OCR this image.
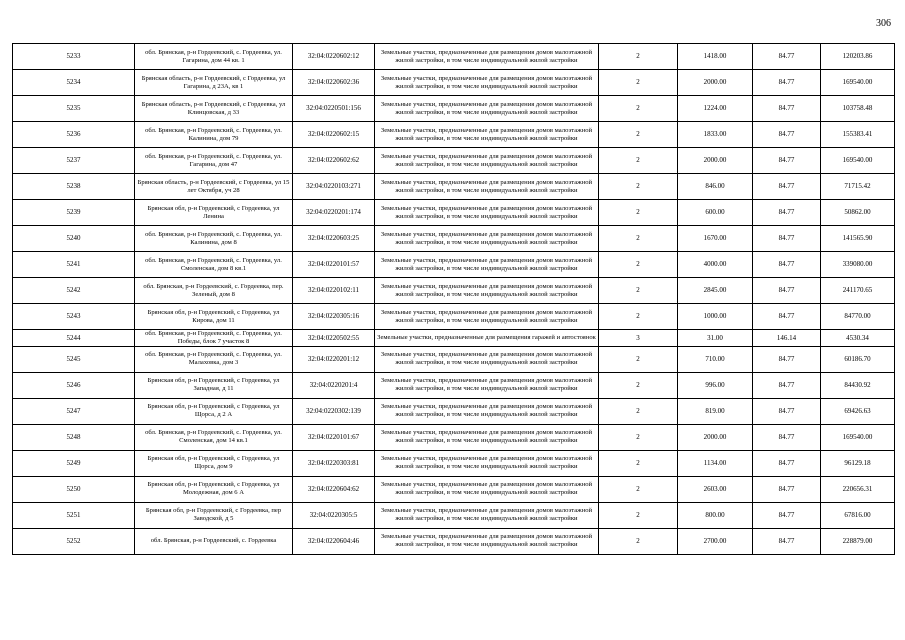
306
5233	обл. Брянская, р-н Гордеевский, с. Гордеевка, ул. Гагарина, дом 44 кв. 1	32:04:0220602:12	Земельные участки, предназначенные для размещения домов малоэтажной жилой застройки, в том числе индивидуальной жилой застройки	2	1418.00	84.77	120203.86
5234	Брянская область, р-н Гордеевский, с Гордеевка, ул Гагарина, д 23А, кв 1	32:04:0220602:36	Земельные участки, предназначенные для размещения домов малоэтажной жилой застройки, в том числе индивидуальной жилой застройки	2	2000.00	84.77	169540.00
5235	Брянская область, р-н Гордеевский, с Гордеевка, ул Клинцовская, д 33	32:04:0220501:156	Земельные участки, предназначенные для размещения домов малоэтажной жилой застройки, в том числе индивидуальной жилой застройки	2	1224.00	84.77	103758.48
5236	обл. Брянская, р-н Гордеевский, с. Гордеевка, ул. Калинина, дом 79	32:04:0220602:15	Земельные участки, предназначенные для размещения домов малоэтажной жилой застройки, в том числе индивидуальной жилой застройки	2	1833.00	84.77	155383.41
5237	обл. Брянская, р-н Гордеевский, с. Гордеевка, ул. Гагарина, дом 47	32:04:0220602:62	Земельные участки, предназначенные для размещения домов малоэтажной жилой застройки, в том числе индивидуальной жилой застройки	2	2000.00	84.77	169540.00
5238	Брянская область, р-н Гордеевский, с Гордеевка, ул 15 лет Октября, уч 28	32:04:0220103:271	Земельные участки, предназначенные для размещения домов малоэтажной жилой застройки, в том числе индивидуальной жилой застройки	2	846.00	84.77	71715.42
5239	Брянская обл, р-н Гордеевский, с Гордеевка, ул Ленина	32:04:0220201:174	Земельные участки, предназначенные для размещения домов малоэтажной жилой застройки, в том числе индивидуальной жилой застройки	2	600.00	84.77	50862.00
5240	обл. Брянская, р-н Гордеевский, с. Гордеевка, ул. Калинина, дом 8	32:04:0220603:25	Земельные участки, предназначенные для размещения домов малоэтажной жилой застройки, в том числе индивидуальной жилой застройки	2	1670.00	84.77	141565.90
5241	обл. Брянская, р-н Гордеевский, с. Гордеевка, ул. Смоленская, дом 8 кв.1	32:04:0220101:57	Земельные участки, предназначенные для размещения домов малоэтажной жилой застройки, в том числе индивидуальной жилой застройки	2	4000.00	84.77	339080.00
5242	обл. Брянская, р-н Гордеевский, с. Гордеевка, пер. Зеленый, дом 8	32:04:0220102:11	Земельные участки, предназначенные для размещения домов малоэтажной жилой застройки, в том числе индивидуальной жилой застройки	2	2845.00	84.77	241170.65
5243	Брянская обл, р-н Гордеевский, с Гордеевка, ул Кирова, дом 11	32:04:0220305:16	Земельные участки, предназначенные для размещения домов малоэтажной жилой застройки, в том числе индивидуальной жилой застройки	2	1000.00	84.77	84770.00
5244	обл. Брянская, р-н Гордеевский, с. Гордеевка, ул. Победы, блок 7 участок 8	32:04:0220502:55	Земельные участки, предназначенные для размещения гаражей и автостоянок	3	31.00	146.14	4530.34
5245	обл. Брянская, р-н Гордеевский, с. Гордеевка, ул. Малаховка, дом 3	32:04:0220201:12	Земельные участки, предназначенные для размещения домов малоэтажной жилой застройки, в том числе индивидуальной жилой застройки	2	710.00	84.77	60186.70
5246	Брянская обл, р-н Гордеевский, с Гордеевка, ул Западная, д 11	32:04:0220201:4	Земельные участки, предназначенные для размещения домов малоэтажной жилой застройки, в том числе индивидуальной жилой застройки	2	996.00	84.77	84430.92
5247	Брянская обл, р-н Гордеевский, с Гордеевка, ул Щорса, д 2 А	32:04:0220302:139	Земельные участки, предназначенные для размещения домов малоэтажной жилой застройки, в том числе индивидуальной жилой застройки	2	819.00	84.77	69426.63
5248	обл. Брянская, р-н Гордеевский, с. Гордеевка, ул. Смоленская, дом 14 кв.1	32:04:0220101:67	Земельные участки, предназначенные для размещения домов малоэтажной жилой застройки, в том числе индивидуальной жилой застройки	2	2000.00	84.77	169540.00
5249	Брянская обл, р-н Гордеевский, с Гордеевка, ул Щорса, дом 9	32:04:0220303:81	Земельные участки, предназначенные для размещения домов малоэтажной жилой застройки, в том числе индивидуальной жилой застройки	2	1134.00	84.77	96129.18
5250	Брянская обл, р-н Гордеевский, с Гордеевка, ул Молодежная, дом 6 А	32:04:0220604:62	Земельные участки, предназначенные для размещения домов малоэтажной жилой застройки, в том числе индивидуальной жилой застройки	2	2603.00	84.77	220656.31
5251	Брянская обл, р-н Гордеевский, с Гордеевка, пер Заводской, д 5	32:04:0220305:5	Земельные участки, предназначенные для размещения домов малоэтажной жилой застройки, в том числе индивидуальной жилой застройки	2	800.00	84.77	67816.00
5252	обл. Брянская, р-н Гордеевский, с. Гордеевка	32:04:0220604:46	Земельные участки, предназначенные для размещения домов малоэтажной жилой застройки, в том числе индивидуальной жилой застройки	2	2700.00	84.77	228879.00
